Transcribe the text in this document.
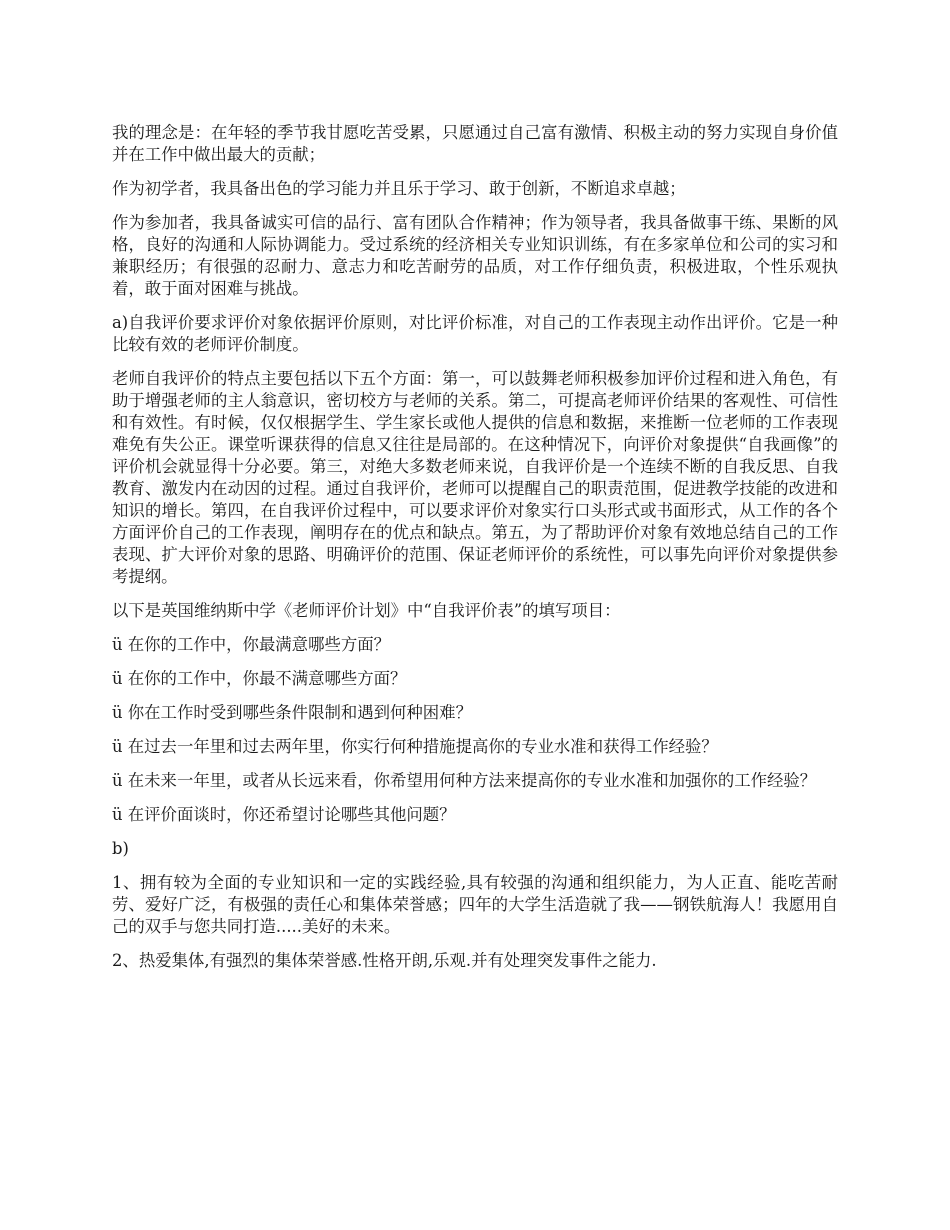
我的理念是：在年轻的季节我甘愿吃苦受累，只愿通过自己富有激情、积极主动的努力实现自身价值并在工作中做出最大的贡献；

作为初学者，我具备出色的学习能力并且乐于学习、敢于创新，不断追求卓越；

作为参加者，我具备诚实可信的品行、富有团队合作精神；作为领导者，我具备做事干练、果断的风格，良好的沟通和人际协调能力。受过系统的经济相关专业知识训练，有在多家单位和公司的实习和兼职经历；有很强的忍耐力、意志力和吃苦耐劳的品质，对工作仔细负责，积极进取，个性乐观执着，敢于面对困难与挑战。

a)自我评价要求评价对象依据评价原则，对比评价标准，对自己的工作表现主动作出评价。它是一种比较有效的老师评价制度。

老师自我评价的特点主要包括以下五个方面：第一，可以鼓舞老师积极参加评价过程和进入角色，有助于增强老师的主人翁意识，密切校方与老师的关系。第二，可提高老师评价结果的客观性、可信性和有效性。有时候，仅仅根据学生、学生家长或他人提供的信息和数据，来推断一位老师的工作表现难免有失公正。课堂听课获得的信息又往往是局部的。在这种情况下，向评价对象提供“自我画像”的评价机会就显得十分必要。第三，对绝大多数老师来说，自我评价是一个连续不断的自我反思、自我教育、激发内在动因的过程。通过自我评价，老师可以提醒自己的职责范围，促进教学技能的改进和知识的增长。第四，在自我评价过程中，可以要求评价对象实行口头形式或书面形式，从工作的各个方面评价自己的工作表现，阐明存在的优点和缺点。第五，为了帮助评价对象有效地总结自己的工作表现、扩大评价对象的思路、明确评价的范围、保证老师评价的系统性，可以事先向评价对象提供参考提纲。

以下是英国维纳斯中学《老师评价计划》中“自我评价表”的填写项目：

ü 在你的工作中，你最满意哪些方面？

ü 在你的工作中，你最不满意哪些方面？

ü 你在工作时受到哪些条件限制和遇到何种困难？

ü 在过去一年里和过去两年里，你实行何种措施提高你的专业水准和获得工作经验？

ü 在未来一年里，或者从长远来看，你希望用何种方法来提高你的专业水准和加强你的工作经验？

ü 在评价面谈时，你还希望讨论哪些其他问题？

b)

1、拥有较为全面的专业知识和一定的实践经验,具有较强的沟通和组织能力，为人正直、能吃苦耐劳、爱好广泛，有极强的责任心和集体荣誉感；四年的大学生活造就了我——钢铁航海人！我愿用自己的双手与您共同打造.....美好的未来。

2、热爱集体,有强烈的集体荣誉感.性格开朗,乐观.并有处理突发事件之能力.
